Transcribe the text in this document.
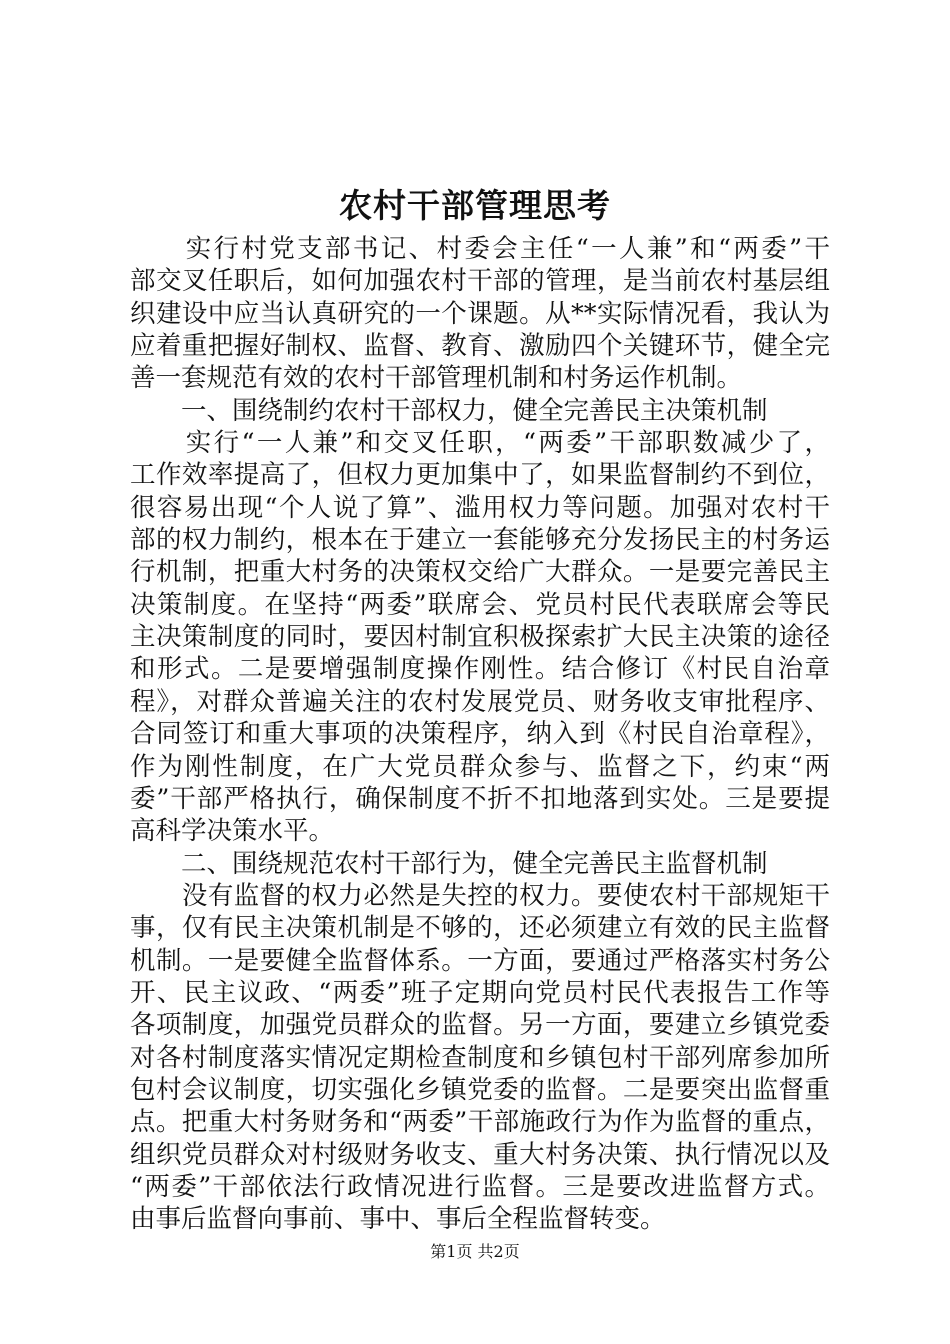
农村干部管理思考
　　实行村党支部书记、村委会主任“一人兼”和“两委”干
部交叉任职后，如何加强农村干部的管理，是当前农村基层组
织建设中应当认真研究的一个课题。从**实际情况看，我认为
应着重把握好制权、监督、教育、激励四个关键环节，健全完
善一套规范有效的农村干部管理机制和村务运作机制。
　　一、围绕制约农村干部权力，健全完善民主决策机制
　　实行“一人兼”和交叉任职，“两委”干部职数减少了，
工作效率提高了，但权力更加集中了，如果监督制约不到位，
很容易出现“个人说了算”、滥用权力等问题。加强对农村干
部的权力制约，根本在于建立一套能够充分发扬民主的村务运
行机制，把重大村务的决策权交给广大群众。一是要完善民主
决策制度。在坚持“两委”联席会、党员村民代表联席会等民
主决策制度的同时，要因村制宜积极探索扩大民主决策的途径
和形式。二是要增强制度操作刚性。结合修订《村民自治章
程》，对群众普遍关注的农村发展党员、财务收支审批程序、
合同签订和重大事项的决策程序，纳入到《村民自治章程》，
作为刚性制度，在广大党员群众参与、监督之下，约束“两
委”干部严格执行，确保制度不折不扣地落到实处。三是要提
高科学决策水平。
　　二、围绕规范农村干部行为，健全完善民主监督机制
　　没有监督的权力必然是失控的权力。要使农村干部规矩干
事，仅有民主决策机制是不够的，还必须建立有效的民主监督
机制。一是要健全监督体系。一方面，要通过严格落实村务公
开、民主议政、“两委”班子定期向党员村民代表报告工作等
各项制度，加强党员群众的监督。另一方面，要建立乡镇党委
对各村制度落实情况定期检查制度和乡镇包村干部列席参加所
包村会议制度，切实强化乡镇党委的监督。二是要突出监督重
点。把重大村务财务和“两委”干部施政行为作为监督的重点，
组织党员群众对村级财务收支、重大村务决策、执行情况以及
“两委”干部依法行政情况进行监督。三是要改进监督方式。
由事后监督向事前、事中、事后全程监督转变。
第1页 共2页
